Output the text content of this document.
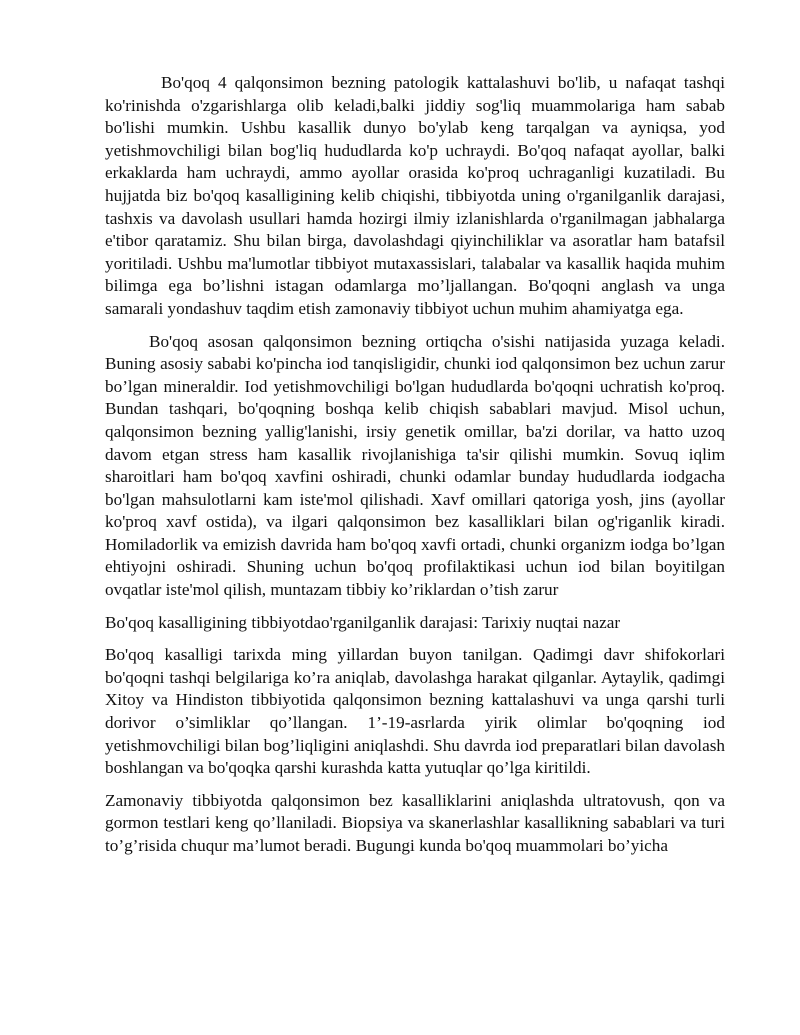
Bo'qoq 4 qalqonsimon bezning patologik kattalashuvi bo'lib, u nafaqat tashqi ko'rinishda o'zgarishlarga olib keladi,balki jiddiy sog'liq muammolariga ham sabab bo'lishi mumkin. Ushbu kasallik dunyo bo'ylab keng tarqalgan va ayniqsa, yod yetishmovchiligi bilan bog'liq hududlarda ko'p uchraydi. Bo'qoq nafaqat ayollar, balki erkaklarda ham uchraydi, ammo ayollar orasida ko'proq uchraganligi kuzatiladi. Bu hujjatda biz bo'qoq kasalligining kelib chiqishi, tibbiyotda uning o'rganilganlik darajasi, tashxis va davolash usullari hamda hozirgi ilmiy izlanishlarda o'rganilmagan jabhalarga e'tibor qaratamiz. Shu bilan birga, davolashdagi qiyinchiliklar va asoratlar ham batafsil yoritiladi. Ushbu ma'lumotlar tibbiyot mutaxassislari, talabalar va kasallik haqida muhim bilimga ega bo’lishni istagan odamlarga mo’ljallangan. Bo'qoqni anglash va unga samarali yondashuv taqdim etish zamonaviy tibbiyot uchun muhim ahamiyatga ega.

Bo'qoq asosan qalqonsimon bezning ortiqcha o'sishi natijasida yuzaga keladi. Buning asosiy sababi ko'pincha iod tanqisligidir, chunki iod qalqonsimon bez uchun zarur bo’lgan mineraldir. Iod yetishmovchiligi bo'lgan hududlarda bo'qoqni uchratish ko'proq. Bundan tashqari, bo'qoqning boshqa kelib chiqish sabablari mavjud. Misol uchun, qalqonsimon bezning yallig'lanishi, irsiy genetik omillar, ba'zi dorilar, va hatto uzoq davom etgan stress ham kasallik rivojlanishiga ta'sir qilishi mumkin. Sovuq iqlim sharoitlari ham bo'qoq xavfini oshiradi, chunki odamlar bunday hududlarda iodgacha bo'lgan mahsulotlarni kam iste'mol qilishadi. Xavf omillari qatoriga yosh, jins (ayollar ko'proq xavf ostida), va ilgari qalqonsimon bez kasalliklari bilan og'riganlik kiradi. Homiladorlik va emizish davrida ham bo'qoq xavfi ortadi, chunki organizm iodga bo’lgan ehtiyojni oshiradi. Shuning uchun bo'qoq profilaktikasi uchun iod bilan boyitilgan ovqatlar iste'mol qilish, muntazam tibbiy ko’riklardan o’tish zarur

Bo'qoq kasalligining tibbiyotdao'rganilganlik darajasi: Tarixiy nuqtai nazar

Bo'qoq kasalligi tarixda ming yillardan buyon tanilgan. Qadimgi davr shifokorlari bo'qoqni tashqi belgilariga ko’ra aniqlab, davolashga harakat qilganlar. Aytaylik, qadimgi Xitoy va Hindiston tibbiyotida qalqonsimon bezning kattalashuvi va unga qarshi turli dorivor o’simliklar qo’llangan. 1’-19-asrlarda yirik olimlar bo'qoqning iod yetishmovchiligi bilan bog’liqligini aniqlashdi. Shu davrda iod preparatlari bilan davolash boshlangan va bo'qoqka qarshi kurashda katta yutuqlar qo’lga kiritildi.

Zamonaviy tibbiyotda qalqonsimon bez kasalliklarini aniqlashda ultratovush, qon va gormon testlari keng qo’llaniladi. Biopsiya va skanerlashlar kasallikning sabablari va turi to’g’risida chuqur ma’lumot beradi. Bugungi kunda bo'qoq muammolari bo’yicha
